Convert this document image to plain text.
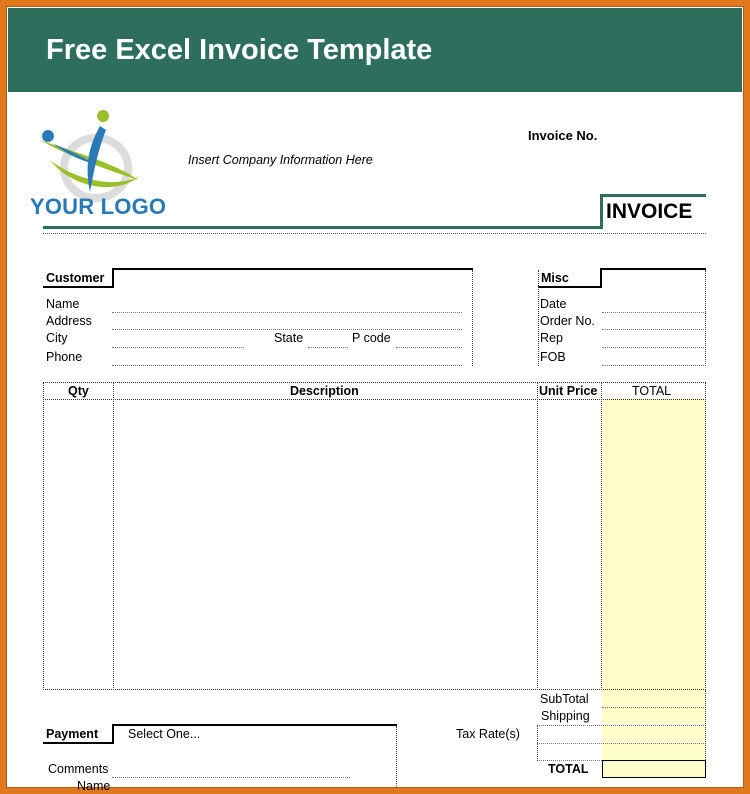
Free Excel Invoice Template
YOUR LOGO
Insert Company Information Here
Invoice No.
INVOICE
Customer
Name
Address
City	State	P code
Phone
Misc
Date
Order No.
Rep
FOB
Qty	Description	Unit Price	TOTAL
SubTotal
Shipping
Tax Rate(s)
TOTAL
Payment Select One...
Comments
Name
